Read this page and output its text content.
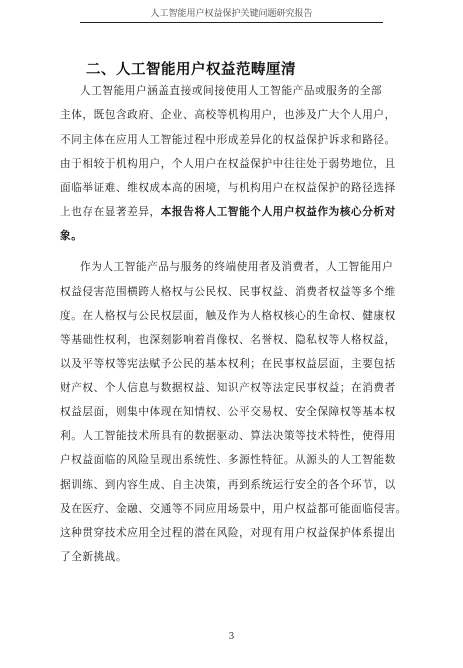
人工智能用户权益保护关键问题研究报告
二、人工智能用户权益范畴厘清
人工智能用户涵盖直接或间接使用人工智能产品或服务的全部
主体，既包含政府、企业、高校等机构用户，也涉及广大个人用户，
不同主体在应用人工智能过程中形成差异化的权益保护诉求和路径。
由于相较于机构用户，个人用户在权益保护中往往处于弱势地位，且
面临举证难、维权成本高的困境，与机构用户在权益保护的路径选择
上也存在显著差异，本报告将人工智能个人用户权益作为核心分析对
象。
作为人工智能产品与服务的终端使用者及消费者，人工智能用户
权益侵害范围横跨人格权与公民权、民事权益、消费者权益等多个维
度。在人格权与公民权层面，触及作为人格权核心的生命权、健康权
等基础性权利，也深刻影响着肖像权、名誉权、隐私权等人格权益，
以及平等权等宪法赋予公民的基本权利；在民事权益层面，主要包括
财产权、个人信息与数据权益、知识产权等法定民事权益；在消费者
权益层面，则集中体现在知情权、公平交易权、安全保障权等基本权
利。人工智能技术所具有的数据驱动、算法决策等技术特性，使得用
户权益面临的风险呈现出系统性、多源性特征。从源头的人工智能数
据训练、到内容生成、自主决策，再到系统运行安全的各个环节，以
及在医疗、金融、交通等不同应用场景中，用户权益都可能面临侵害。
这种贯穿技术应用全过程的潜在风险，对现有用户权益保护体系提出
了全新挑战。
3
